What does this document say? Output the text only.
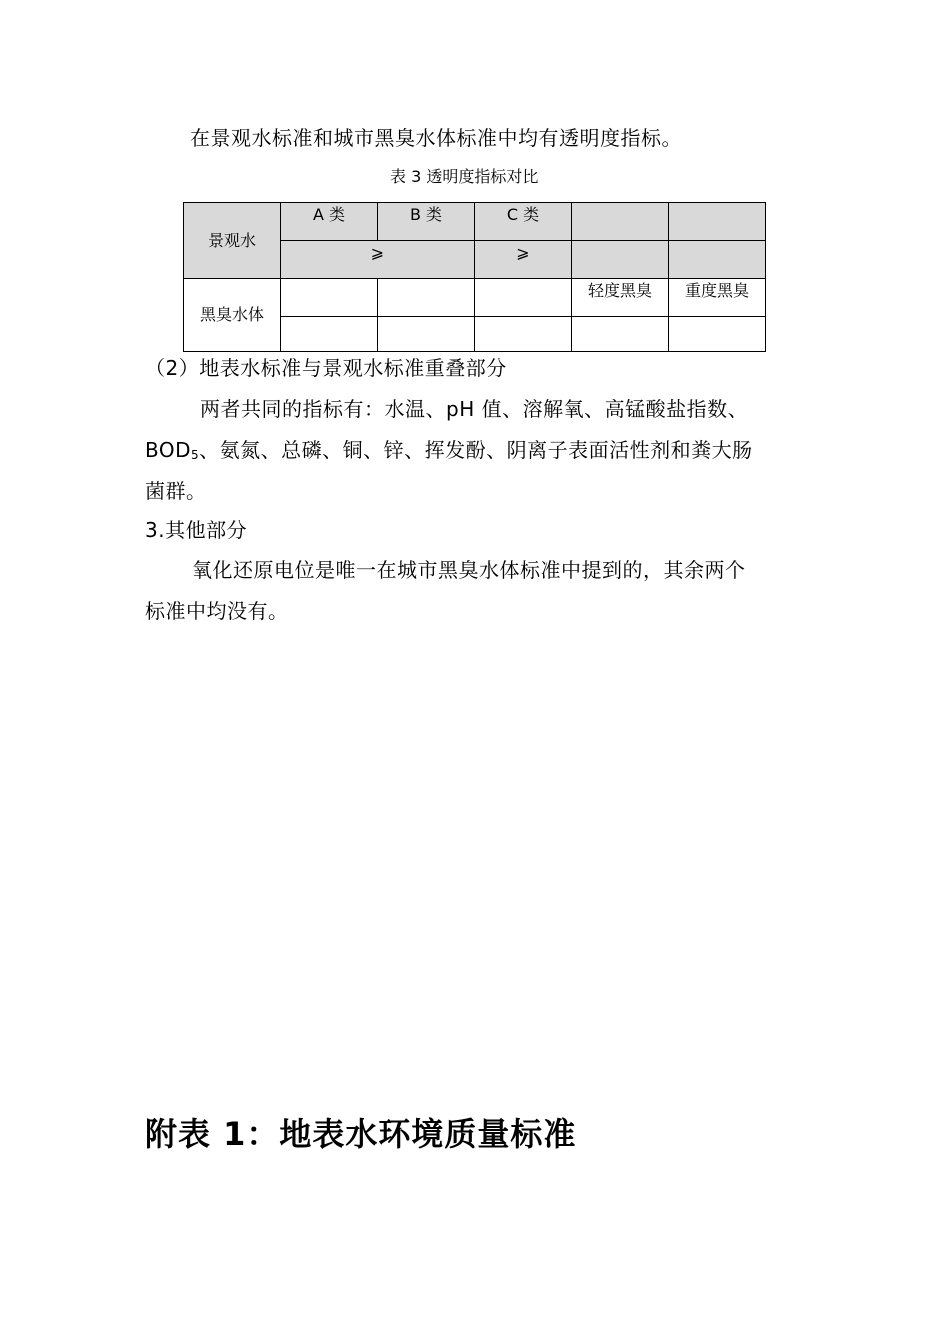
在景观水标准和城市黑臭水体标准中均有透明度指标。
表 3 透明度指标对比
景观水	A 类	B 类	C 类		

	⩾		⩾		

黑臭水体				轻度黑臭	重度黑臭

（2）地表水标准与景观水标准重叠部分
两者共同的指标有：水温、pH 值、溶解氧、高锰酸盐指数、
BOD5、氨氮、总磷、铜、锌、挥发酚、阴离子表面活性剂和粪大肠
菌群。
3.其他部分
氧化还原电位是唯一在城市黑臭水体标准中提到的，其余两个
标准中均没有。
附表 1：地表水环境质量标准
